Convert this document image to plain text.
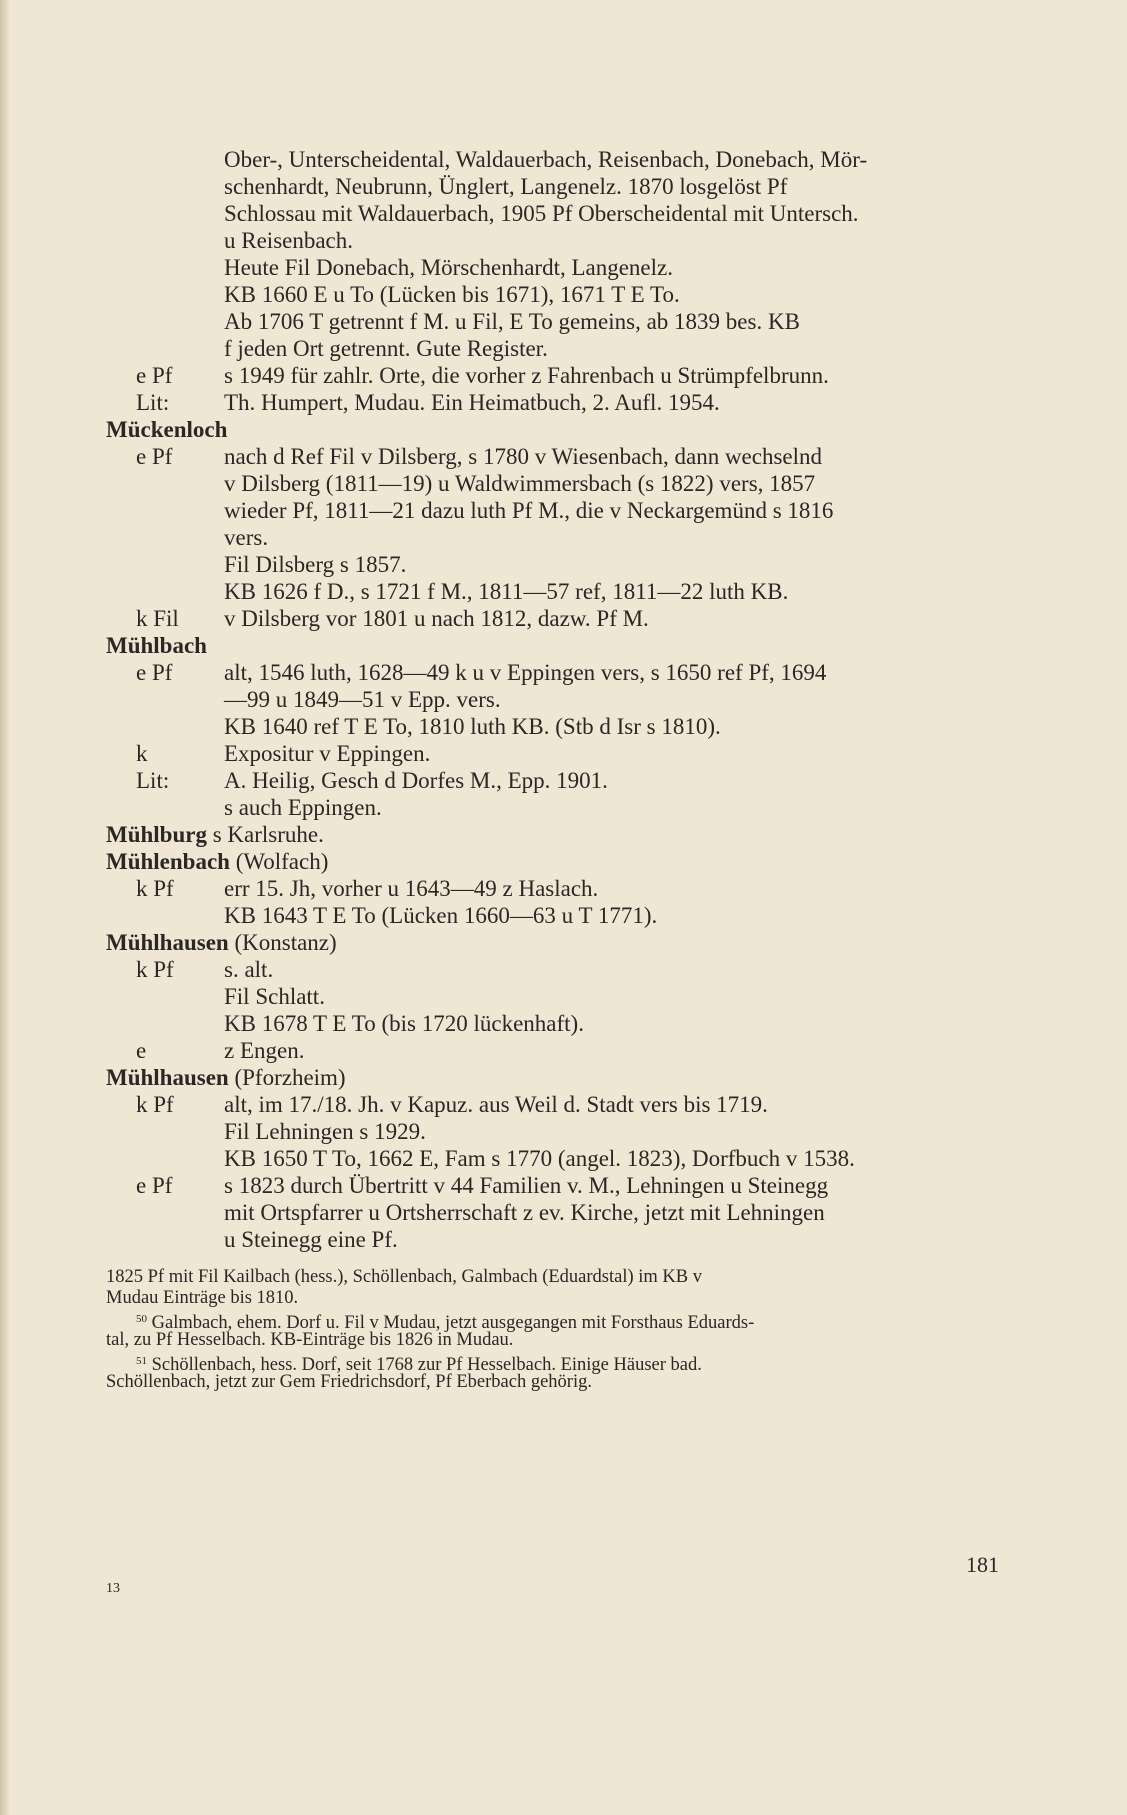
Ober-, Unterscheidental, Waldauerbach, Reisenbach, Donebach, Mör-
schenhardt, Neubrunn, Ünglert, Langenelz. 1870 losgelöst Pf
Schlossau mit Waldauerbach, 1905 Pf Oberscheidental mit Untersch.
u Reisenbach.
Heute Fil Donebach, Mörschenhardt, Langenelz.
KB 1660 E u To (Lücken bis 1671), 1671 T E To.
Ab 1706 T getrennt f M. u Fil, E To gemeins, ab 1839 bes. KB
f jeden Ort getrennt. Gute Register.
e Pf s 1949 für zahlr. Orte, die vorher z Fahrenbach u Strümpfelbrunn.
Lit: Th. Humpert, Mudau. Ein Heimatbuch, 2. Aufl. 1954.
Mückenloch
e Pf nach d Ref Fil v Dilsberg, s 1780 v Wiesenbach, dann wechselnd
v Dilsberg (1811—19) u Waldwimmersbach (s 1822) vers, 1857
wieder Pf, 1811—21 dazu luth Pf M., die v Neckargemünd s 1816
vers.
Fil Dilsberg s 1857.
KB 1626 f D., s 1721 f M., 1811—57 ref, 1811—22 luth KB.
k Fil v Dilsberg vor 1801 u nach 1812, dazw. Pf M.
Mühlbach
e Pf alt, 1546 luth, 1628—49 k u v Eppingen vers, s 1650 ref Pf, 1694
—99 u 1849—51 v Epp. vers.
KB 1640 ref T E To, 1810 luth KB. (Stb d Isr s 1810).
k	Expositur v Eppingen.
Lit: A. Heilig, Gesch d Dorfes M., Epp. 1901.
s auch Eppingen.
Mühlburg s Karlsruhe.
Mühlenbach (Wolfach)
k Pf err 15. Jh, vorher u 1643—49 z Haslach.
KB 1643 T E To (Lücken 1660—63 u T 1771).
Mühlhausen (Konstanz)
k Pf s. alt.
Fil Schlatt.
KB 1678 T E To (bis 1720 lückenhaft).
e	z Engen.
Mühlhausen (Pforzheim)
k Pf alt, im 17./18. Jh. v Kapuz. aus Weil d. Stadt vers bis 1719.
Fil Lehningen s 1929.
KB 1650 T To, 1662 E, Fam s 1770 (angel. 1823), Dorfbuch v 1538.
e Pf s 1823 durch Übertritt v 44 Familien v. M., Lehningen u Steinegg
mit Ortspfarrer u Ortsherrschaft z ev. Kirche, jetzt mit Lehningen
u Steinegg eine Pf.
1825 Pf mit Fil Kailbach (hess.), Schöllenbach, Galmbach (Eduardstal) im KB v
Mudau Einträge bis 1810.
$^{50}$ Galmbach, ehem. Dorf u. Fil v Mudau, jetzt ausgegangen mit Forsthaus Eduards-
tal, zu Pf Hesselbach. KB-Einträge bis 1826 in Mudau.
$^{51}$ Schöllenbach, hess. Dorf, seit 1768 zur Pf Hesselbach. Einige Häuser bad.
Schöllenbach, jetzt zur Gem Friedrichsdorf, Pf Eberbach gehörig.
181
13
